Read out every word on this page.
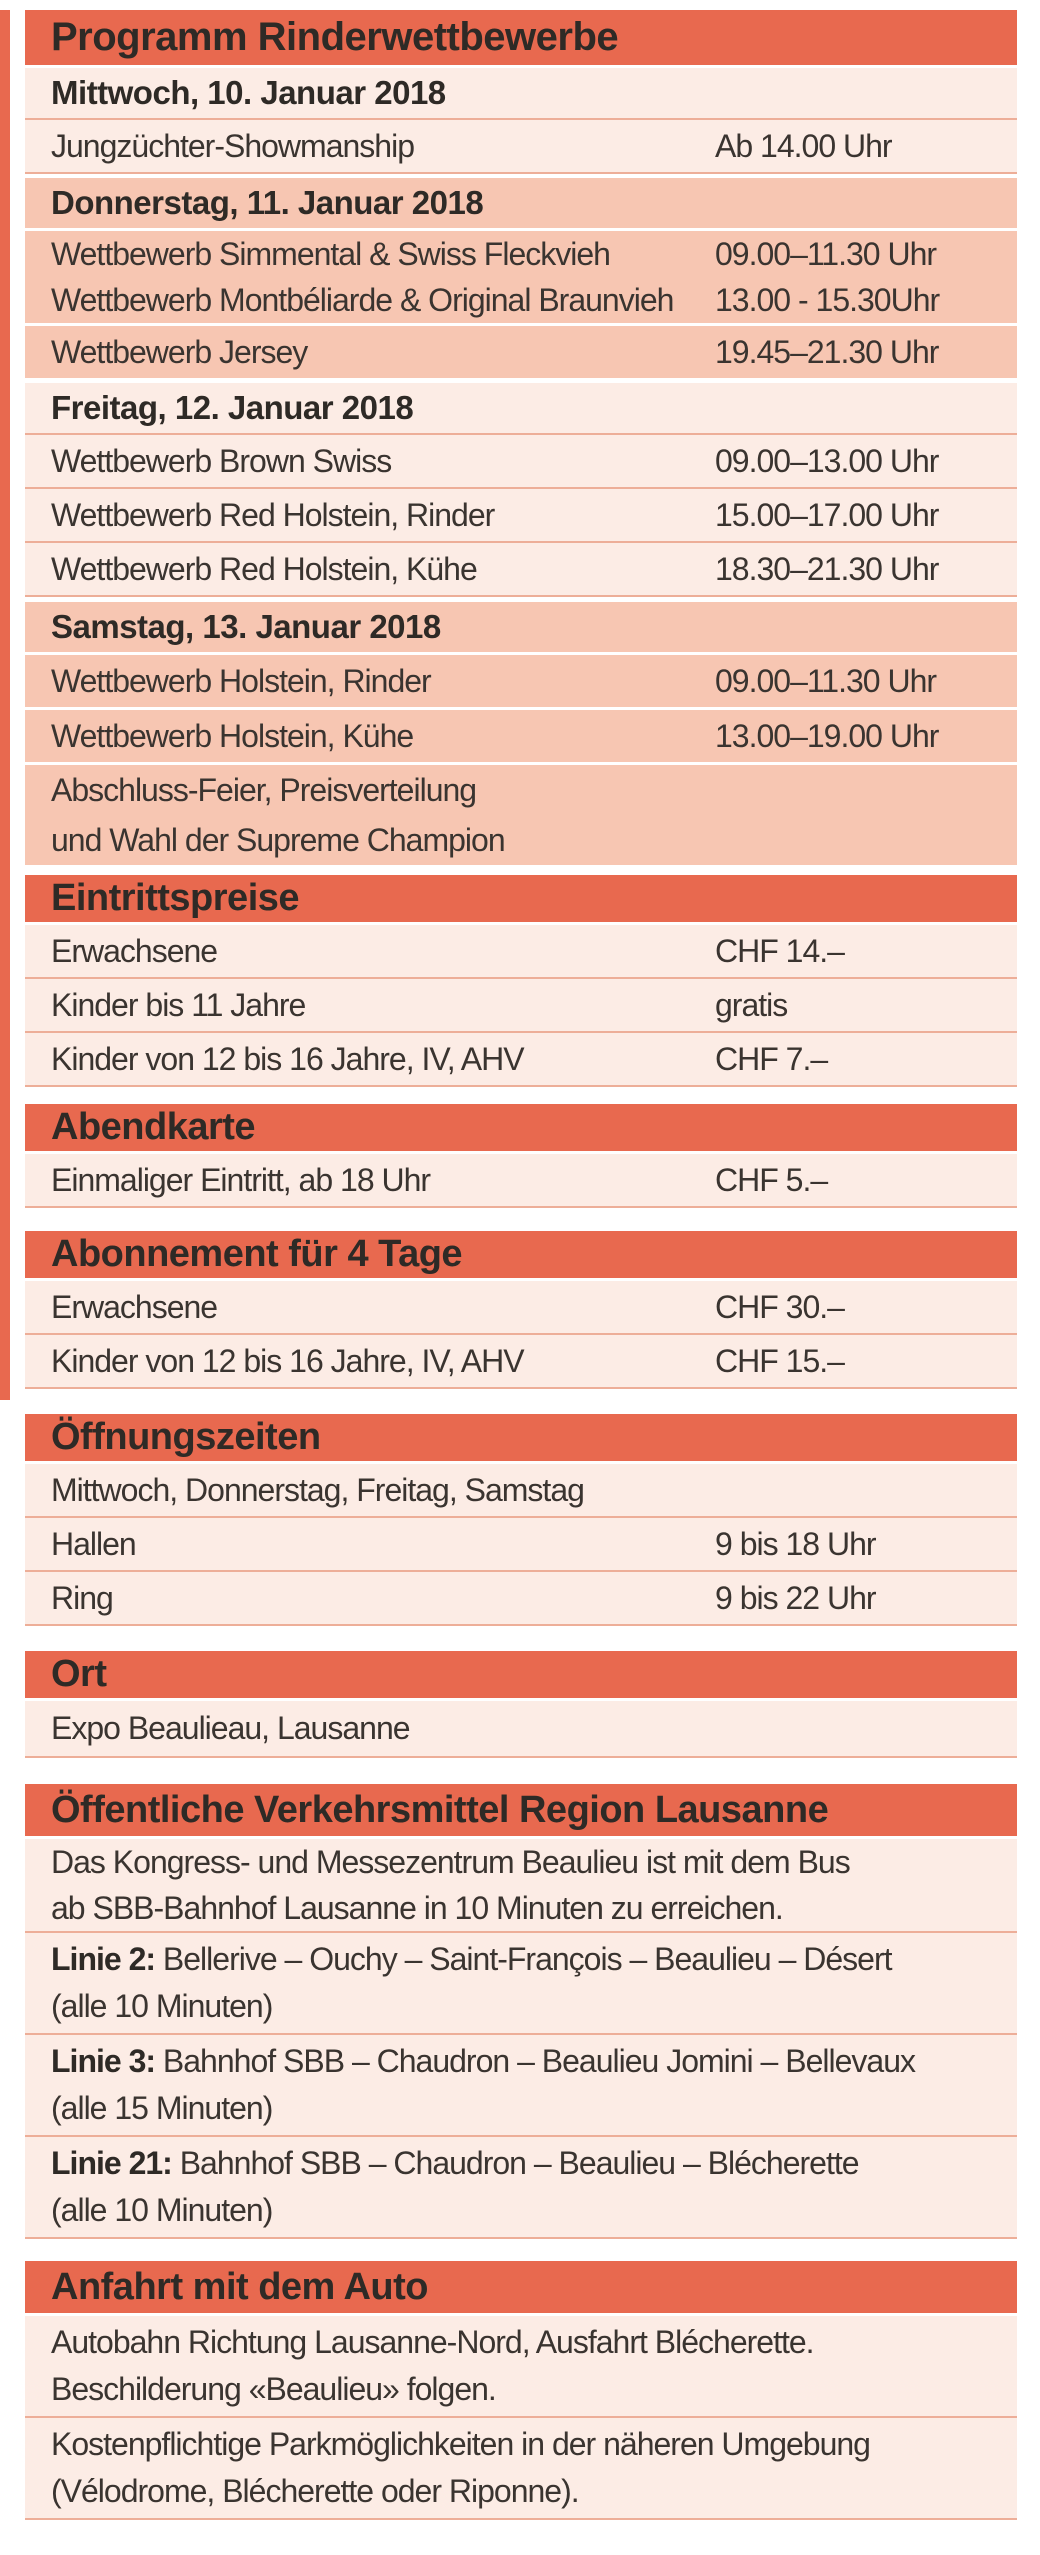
Programm Rinderwettbewerbe
Mittwoch, 10. Januar 2018
Jungzüchter-Showmanship	Ab 14.00 Uhr
Donnerstag, 11. Januar 2018
Wettbewerb Simmental & Swiss Fleckvieh	09.00–11.30 Uhr
Wettbewerb Montbéliarde & Original Braunvieh	13.00 - 15.30Uhr
Wettbewerb Jersey	19.45–21.30 Uhr
Freitag, 12. Januar 2018
Wettbewerb Brown Swiss	09.00–13.00 Uhr
Wettbewerb Red Holstein, Rinder	15.00–17.00 Uhr
Wettbewerb Red Holstein, Kühe	18.30–21.30 Uhr
Samstag, 13. Januar 2018
Wettbewerb Holstein, Rinder	09.00–11.30 Uhr
Wettbewerb Holstein, Kühe	13.00–19.00 Uhr
Abschluss-Feier, Preisverteilung
und Wahl der Supreme Champion
Eintrittspreise
Erwachsene	CHF 14.–
Kinder bis 11 Jahre	gratis
Kinder von 12 bis 16 Jahre, IV, AHV	CHF 7.–
Abendkarte
Einmaliger Eintritt, ab 18 Uhr	CHF 5.–
Abonnement für 4 Tage
Erwachsene	CHF 30.–
Kinder von 12 bis 16 Jahre, IV, AHV	CHF 15.–
Öffnungszeiten
Mittwoch, Donnerstag, Freitag, Samstag
Hallen	9 bis 18 Uhr
Ring	9 bis 22 Uhr
Ort
Expo Beaulieau, Lausanne
Öffentliche Verkehrsmittel Region Lausanne
Das Kongress- und Messezentrum Beaulieu ist mit dem Bus
ab SBB-Bahnhof Lausanne in 10 Minuten zu erreichen.
Linie 2: Bellerive – Ouchy – Saint-François – Beaulieu – Désert
(alle 10 Minuten)
Linie 3: Bahnhof SBB – Chaudron – Beaulieu Jomini – Bellevaux
(alle 15 Minuten)
Linie 21: Bahnhof SBB – Chaudron – Beaulieu – Blécherette
(alle 10 Minuten)
Anfahrt mit dem Auto
Autobahn Richtung Lausanne-Nord, Ausfahrt Blécherette.
Beschilderung «Beaulieu» folgen.
Kostenpflichtige Parkmöglichkeiten in der näheren Umgebung
(Vélodrome, Blécherette oder Riponne).
